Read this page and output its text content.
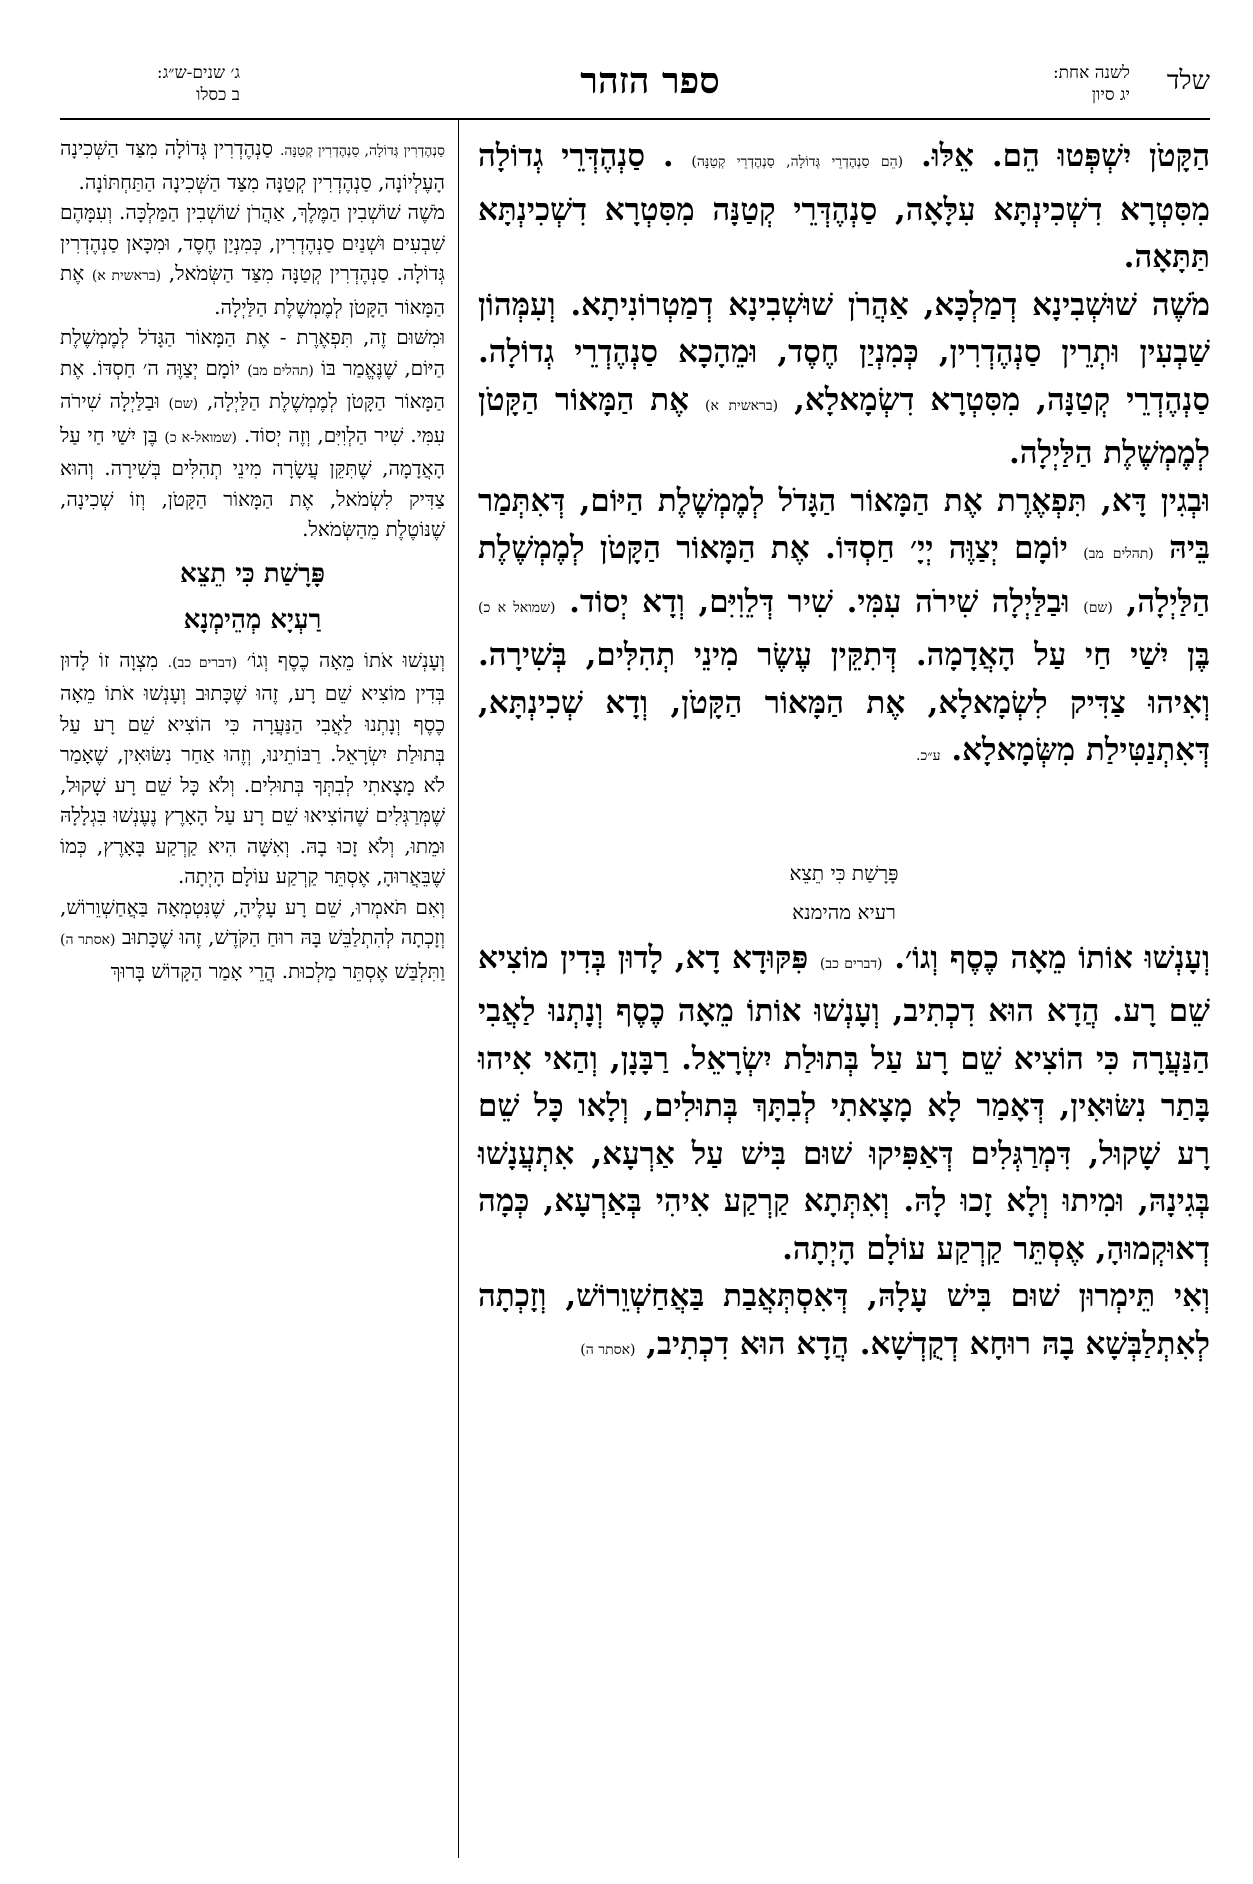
שלד
לשנה אחת:
יג סיון
ספר הזהר
ג׳ שנים-ש״ג:
ב כסלו

הַקָּטֹן יִשְׁפְּטוּ הֵם. אֵלּוּ. (הֵם סַנְהֶדְרֵי גְּדוֹלָה, סַנְהֶדְרֵי קְטַנָּה) . סַנְהֶדְּרֵי גְדוֹלָה מִסִּטְרָא דִשְׁכִינְתָּא עִלָּאָה, סַנְהֶדְּרֵי קְטַנָּה מִסִּטְרָא דִשְׁכִינְתָּא תַּתָּאָה.

מֹשֶׁה שׁוּשְׁבִינָא דְמַלְכָּא, אַהֲרֹן שׁוּשְׁבִינָא דְמַטְרוֹנִיתָא. וְעִמְּהוֹן שַׁבְעִין וּתְרֵין סַנְהֶדְרִין, כְּמִנְיַן חֶסֶד, וּמֵהָכָא סַנְהֶדְרֵי גְדוֹלָה. סַנְהֶדְרֵי קְטַנָּה, מִסִּטְרָא דִשְׂמָאלָא, (בראשית א) אֶת הַמָּאוֹר הַקָּטֹן לְמֶמְשֶׁלֶת הַלַּיְלָה.

וּבְגִין דָּא, תִּפְאֶרֶת אֶת הַמָּאוֹר הַגָּדֹל לְמֶמְשֶׁלֶת הַיּוֹם, דְּאִתְּמַר בֵּיהּ (תהלים מב) יוֹמָם יְצַוֶּה יְיָ׳ חַסְדּוֹ. אֶת הַמָּאוֹר הַקָּטֹן לְמֶמְשֶׁלֶת הַלַּיְלָה, (שם) וּבַלַּיְלָה שִׁירֹה עִמִּי. שִׁיר דְּלֵוִיִּם, וְדָא יְסוֹד. (שמואל א כ) בֶּן יִשַׁי חַי עַל הָאֲדָמָה. דְּתִקֵּין עֶשֶׂר מִינֵי תְהִלִּים, בְּשִׁירָה. וְאִיהוּ צַדִּיק לִשְׂמָאלָא, אֶת הַמָּאוֹר הַקָּטֹן, וְדָא שְׁכִינְתָּא, דְּאִתְנַטִּילַת מִשְּׂמָאלָא. ע״כ.

פָּרָשַׁת כִּי תֵצֵא

רעיא מהימנא

וְעָנְשׁוּ אוֹתוֹ מֵאָה כֶסֶף וְגוֹ׳. (דברים כב) פִּקּוּדָא דָא, לָדוּן בְּדִין מוֹצִיא שֵׁם רָע. הֲדָא הוּא דִכְתִיב, וְעָנְשׁוּ אוֹתוֹ מֵאָה כֶסֶף וְנָתְנוּ לַאֲבִי הַנַּעֲרָה כִּי הוֹצִיא שֵׁם רָע עַל בְּתוּלַת יִשְׂרָאֵל. רַבָּנָן, וְהַאי אִיהוּ בָּתַר נִשּׂוּאִין, דְּאָמַר לָא מָצָאתִי לְבִתָּךְ בְּתוּלִים, וְלָאו כָּל שֵׁם רָע שָׁקוּל, דִּמְרַגְּלִים דְּאַפִּיקוּ שׁוּם בִּישׁ עַל אַרְעָא, אִתְעֲנָשׁוּ בְּגִינָהּ, וּמִיתוּ וְלָא זָכוּ לָהּ. וְאִתְּתָא קַרְקַע אִיהִי בְּאַרְעָא, כְּמָה דְאוּקְמוּהָ, אֶסְתֵּר קַרְקַע עוֹלָם הָיְתָה.

וְאִי תֵּימְרוּן שׁוּם בִּישׁ עָלָהּ, דְּאִסְתְּאֲבַת בַּאֲחַשְׁוֵרוֹשׁ, וְזָכְתָה לְאִתְלַבְּשָׁא בָהּ רוּחָא דְקֻדְשָׁא. הֲדָא הוּא דִכְתִיב, (אסתר ה)

סַנְהֶדְרִין גְּדוֹלָה, סַנְהֶדְרִין קְטַנָּה. סַנְהֶדְרִין גְּדוֹלָה מִצַּד הַשְּׁכִינָה הָעֶלְיוֹנָה, סַנְהֶדְרִין קְטַנָּה מִצַּד הַשְּׁכִינָה הַתַּחְתּוֹנָה.

מֹשֶׁה שׁוֹשְׁבִין הַמֶּלֶךְ, אַהֲרֹן שׁוֹשְׁבִין הַמַּלְכָּה. וְעִמָּהֶם שִׁבְעִים וּשְׁנַיִם סַנְהֶדְרִין, כְּמִנְיַן חֶסֶד, וּמִכָּאן סַנְהֶדְרִין גְּדוֹלָה. סַנְהֶדְרִין קְטַנָּה מִצַּד הַשְּׂמֹאל, (בראשית א) אֶת הַמָּאוֹר הַקָּטֹן לְמֶמְשֶׁלֶת הַלַּיְלָה.

וּמִשּׁוּם זֶה, תִּפְאֶרֶת - אֶת הַמָּאוֹר הַגָּדֹל לְמֶמְשֶׁלֶת הַיּוֹם, שֶׁנֶּאֱמַר בּוֹ (תהלים מב) יוֹמָם יְצַוֶּה ה׳ חַסְדּוֹ. אֶת הַמָּאוֹר הַקָּטֹן לְמֶמְשֶׁלֶת הַלַּיְלָה, (שם) וּבַלַּיְלָה שִׁירֹה עִמִּי. שִׁיר הַלְוִיִּם, וְזֶה יְסוֹד. (שמואל-א כ) בֶּן יִשַׁי חַי עַל הָאֲדָמָה, שֶׁתִּקֵּן עֲשָׂרָה מִינֵי תְהִלִּים בְּשִׁירָה. וְהוּא צַדִּיק לִשְׂמֹאל, אֶת הַמָּאוֹר הַקָּטֹן, וְזוֹ שְׁכִינָה, שֶׁנּוֹטֶלֶת מֵהַשְּׂמֹאל.

פָּרָשַׁת כִּי תֵצֵא

רַעְיָא מְהֵימְנָא

וְעָנְשׁוּ אֹתוֹ מֵאָה כֶסֶף וְגוֹ׳ (דברים כב). מִצְוָה זוֹ לָדוּן בְּדִין מוֹצִיא שֵׁם רָע, זֶהוּ שֶׁכָּתוּב וְעָנְשׁוּ אֹתוֹ מֵאָה כֶסֶף וְנָתְנוּ לַאֲבִי הַנַּעֲרָה כִּי הוֹצִיא שֵׁם רָע עַל בְּתוּלַת יִשְׂרָאֵל. רַבּוֹתֵינוּ, וְזֶהוּ אַחַר נִשּׂוּאִין, שֶׁאָמַר לֹא מָצָאתִי לְבִתְּךָ בְּתוּלִים. וְלֹא כָּל שֵׁם רָע שָׁקוּל, שֶׁמְּרַגְּלִים שֶׁהוֹצִיאוּ שֵׁם רָע עַל הָאָרֶץ נֶעֶנְשׁוּ בִּגְלָלָהּ וּמֵתוּ, וְלֹא זָכוּ בָהּ. וְאִשָּׁה הִיא קַרְקַע בָּאָרֶץ, כְּמוֹ שֶׁבֵּאֲרוּהָ, אֶסְתֵּר קַרְקַע עוֹלָם הָיְתָה.

וְאִם תֹּאמְרוּ, שֵׁם רָע עָלֶיהָ, שֶׁנִּטְמְאָה בַּאֲחַשְׁוֵרוֹשׁ, וְזָכְתָה לְהִתְלַבֵּשׁ בָּהּ רוּחַ הַקֹּדֶשׁ, זֶהוּ שֶׁכָּתוּב (אסתר ה) וַתִּלְבַּשׁ אֶסְתֵּר מַלְכוּת. הֲרֵי אָמַר הַקָּדוֹשׁ בָּרוּךְ
